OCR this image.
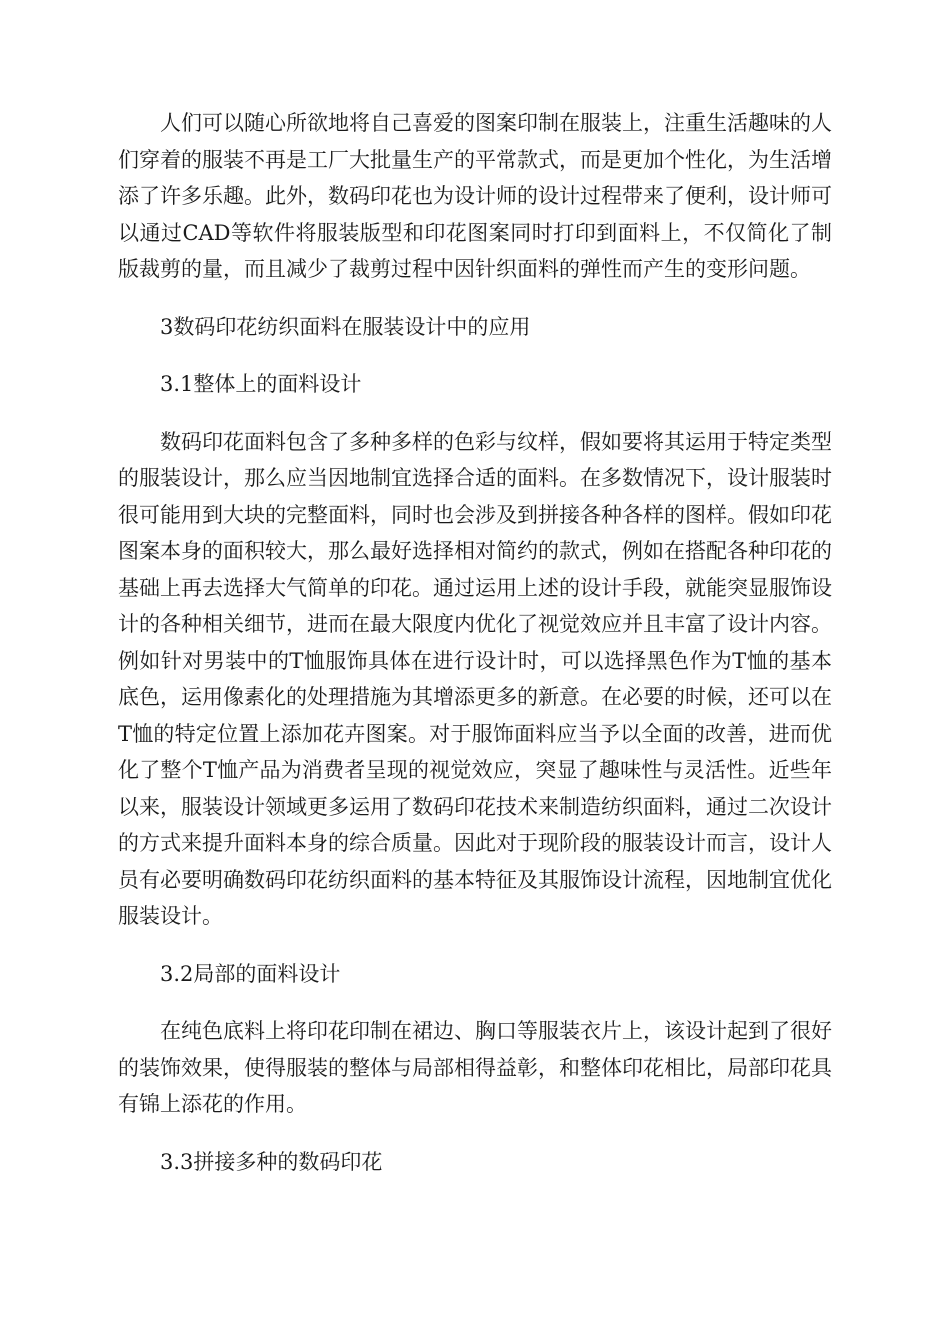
人们可以随心所欲地将自己喜爱的图案印制在服装上，注重生活趣味的人们穿着的服装不再是工厂大批量生产的平常款式，而是更加个性化，为生活增添了许多乐趣。此外，数码印花也为设计师的设计过程带来了便利，设计师可以通过CAD等软件将服装版型和印花图案同时打印到面料上，不仅简化了制版裁剪的量，而且减少了裁剪过程中因针织面料的弹性而产生的变形问题。

3数码印花纺织面料在服装设计中的应用

3.1整体上的面料设计

数码印花面料包含了多种多样的色彩与纹样，假如要将其运用于特定类型的服装设计，那么应当因地制宜选择合适的面料。在多数情况下，设计服装时很可能用到大块的完整面料，同时也会涉及到拼接各种各样的图样。假如印花图案本身的面积较大，那么最好选择相对简约的款式，例如在搭配各种印花的基础上再去选择大气简单的印花。通过运用上述的设计手段，就能突显服饰设计的各种相关细节，进而在最大限度内优化了视觉效应并且丰富了设计内容。例如针对男装中的T恤服饰具体在进行设计时，可以选择黑色作为T恤的基本底色，运用像素化的处理措施为其增添更多的新意。在必要的时候，还可以在T恤的特定位置上添加花卉图案。对于服饰面料应当予以全面的改善，进而优化了整个T恤产品为消费者呈现的视觉效应，突显了趣味性与灵活性。近些年以来，服装设计领域更多运用了数码印花技术来制造纺织面料，通过二次设计的方式来提升面料本身的综合质量。因此对于现阶段的服装设计而言，设计人员有必要明确数码印花纺织面料的基本特征及其服饰设计流程，因地制宜优化服装设计。

3.2局部的面料设计

在纯色底料上将印花印制在裙边、胸口等服装衣片上，该设计起到了很好的装饰效果，使得服装的整体与局部相得益彰，和整体印花相比，局部印花具有锦上添花的作用。

3.3拼接多种的数码印花
